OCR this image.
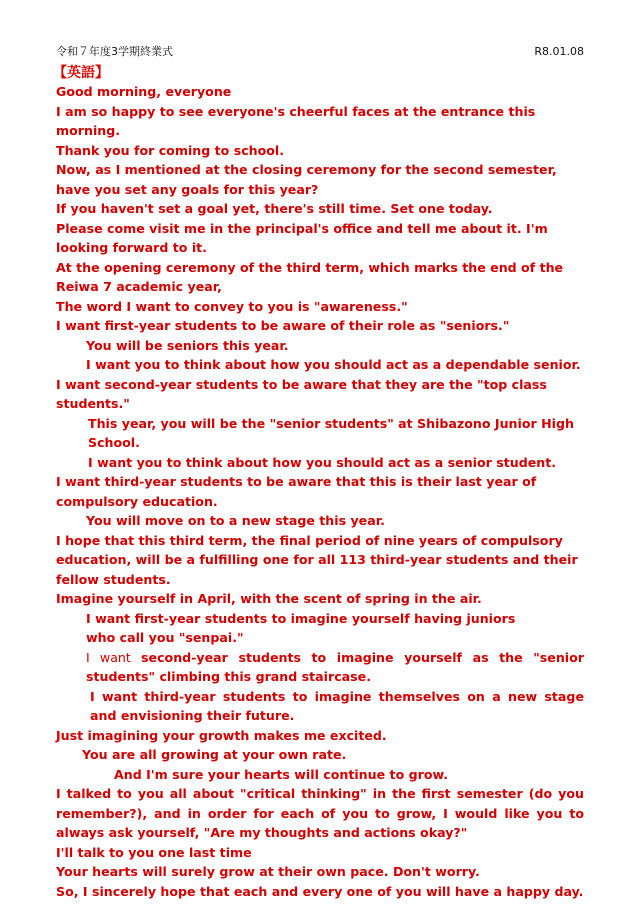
令和７年度3学期終業式	R8.01.08
【英語】

Good morning, everyone

I am so happy to see everyone's cheerful faces at the entrance this morning.

Thank you for coming to school.

Now, as I mentioned at the closing ceremony for the second semester, have you set any goals for this year?

If you haven't set a goal yet, there's still time. Set one today.

Please come visit me in the principal's office and tell me about it. I'm looking forward to it.

At the opening ceremony of the third term, which marks the end of the Reiwa 7 academic year,

The word I want to convey to you is "awareness."

I want first-year students to be aware of their role as "seniors."

You will be seniors this year.

I want you to think about how you should act as a dependable senior.

I want second-year students to be aware that they are the "top class students."

This year, you will be the "senior students" at Shibazono Junior High School.

I want you to think about how you should act as a senior student.

I want third-year students to be aware that this is their last year of compulsory education.

You will move on to a new stage this year.

I hope that this third term, the final period of nine years of compulsory education, will be a fulfilling one for all 113 third-year students and their fellow students.

Imagine yourself in April, with the scent of spring in the air.

I want first-year students to imagine yourself having juniors who call you "senpai."

I want second-year students to imagine yourself as the "senior students" climbing this grand staircase.

I want third-year students to imagine themselves on a new stage and envisioning their future.

Just imagining your growth makes me excited.

You are all growing at your own rate.

And I'm sure your hearts will continue to grow.

I talked to you all about "critical thinking" in the first semester (do you remember?), and in order for each of you to grow, I would like you to always ask yourself, "Are my thoughts and actions okay?"

I'll talk to you one last time

Your hearts will surely grow at their own pace. Don't worry.

So, I sincerely hope that each and every one of you will have a happy day.
